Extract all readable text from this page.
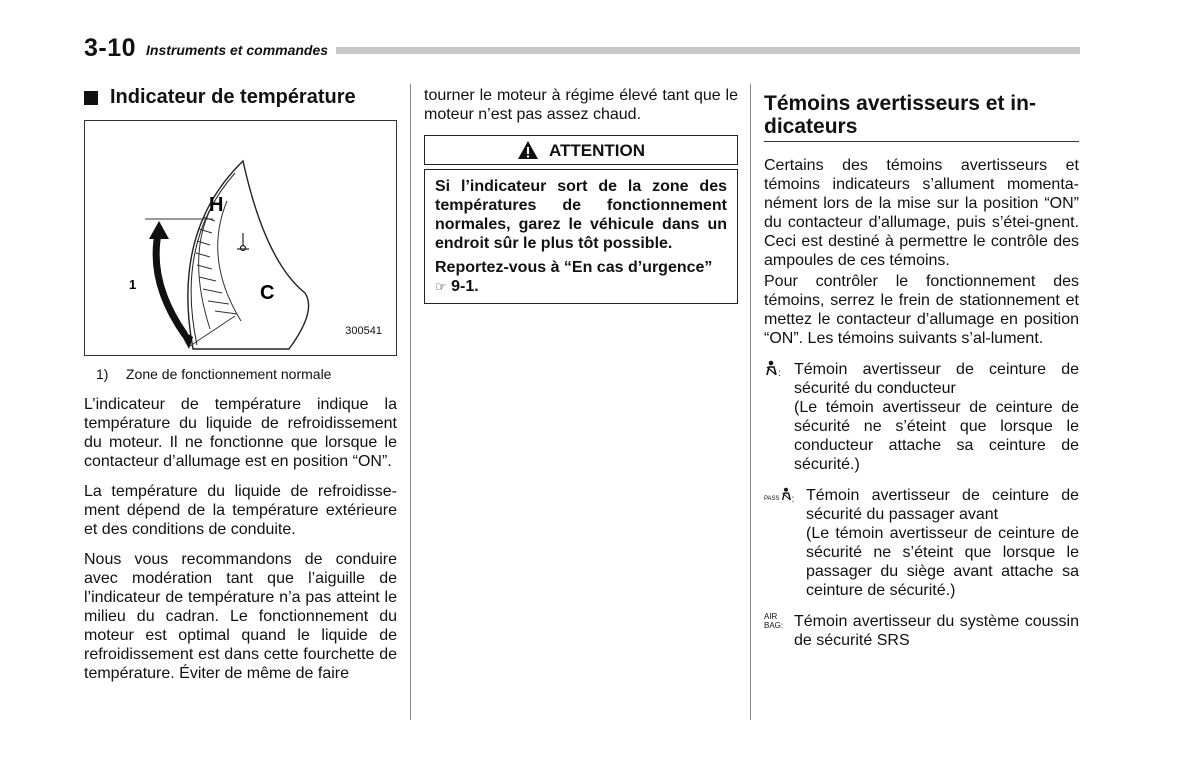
3-10 Instruments et commandes
Indicateur de température
H
C
1
300541
1)	Zone de fonctionnement normale

L’indicateur de température indique la température du liquide de refroidissement du moteur. Il ne fonctionne que lorsque le contacteur d’allumage est en position “ON”.

La température du liquide de refroidisse-ment dépend de la température extérieure et des conditions de conduite.

Nous vous recommandons de conduire avec modération tant que l’aiguille de l’indicateur de température n’a pas atteint le milieu du cadran. Le fonctionnement du moteur est optimal quand le liquide de refroidissement est dans cette fourchette de température. Éviter de même de faire

tourner le moteur à régime élevé tant que le moteur n’est pas assez chaud.

ATTENTION

Si l’indicateur sort de la zone des températures de fonctionnement normales, garez le véhicule dans un endroit sûr le plus tôt possible.

Reportez-vous à “En cas d’urgence”
☞ 9-1.
Témoins avertisseurs et in-dicateurs

Certains des témoins avertisseurs et témoins indicateurs s’allument momenta-nément lors de la mise sur la position “ON” du contacteur d’allumage, puis s’étei-gnent. Ceci est destiné à permettre le contrôle des ampoules de ces témoins.

Pour contrôler le fonctionnement des témoins, serrez le frein de stationnement et mettez le contacteur d’allumage en position “ON”. Les témoins suivants s’al-lument.

: Témoin avertisseur de ceinture de sécurité du conducteur
(Le témoin avertisseur de ceinture de sécurité ne s’éteint que lorsque le conducteur attache sa ceinture de sécurité.)
PASS : Témoin avertisseur de ceinture de sécurité du passager avant
(Le témoin avertisseur de ceinture de sécurité ne s’éteint que lorsque le passager du siège avant attache sa ceinture de sécurité.)
AIR
BAG: Témoin avertisseur du système coussin de sécurité SRS
